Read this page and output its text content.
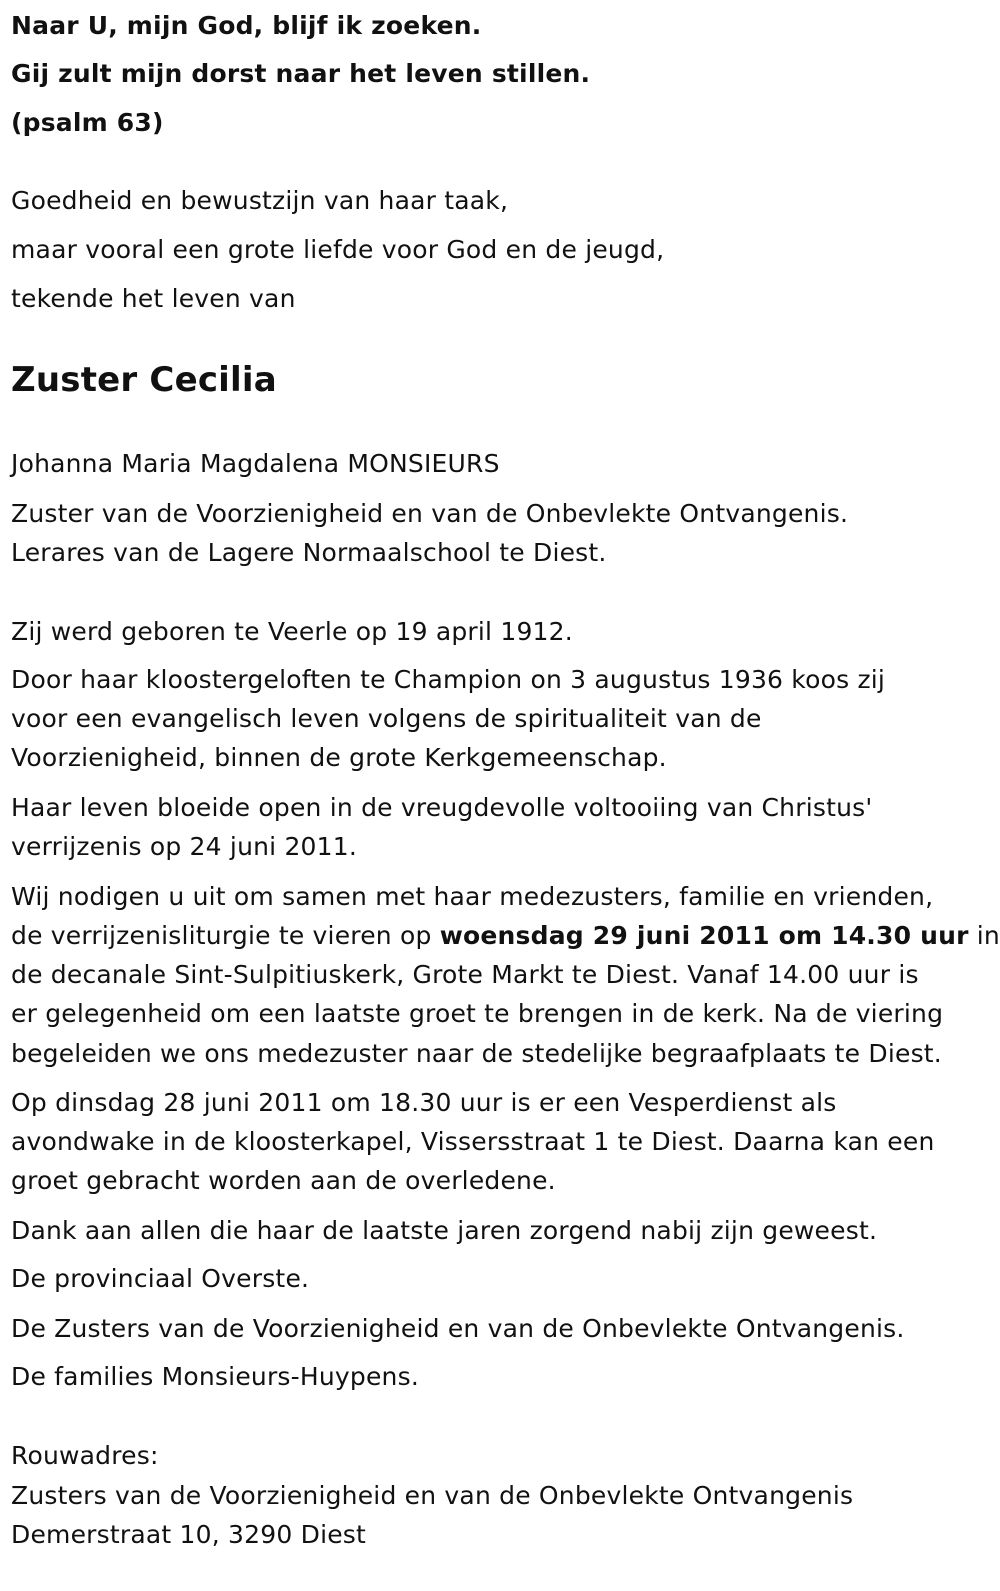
Naar U, mijn God, blijf ik zoeken.
Gij zult mijn dorst naar het leven stillen.
(psalm 63)
Goedheid en bewustzijn van haar taak,
maar vooral een grote liefde voor God en de jeugd,
tekende het leven van
Zuster Cecilia
Johanna Maria Magdalena MONSIEURS
Zuster van de Voorzienigheid en van de Onbevlekte Ontvangenis.
Lerares van de Lagere Normaalschool te Diest.
Zij werd geboren te Veerle op 19 april 1912.
Door haar kloostergeloften te Champion on 3 augustus 1936 koos zij
voor een evangelisch leven volgens de spiritualiteit van de
Voorzienigheid, binnen de grote Kerkgemeenschap.
Haar leven bloeide open in de vreugdevolle voltooiing van Christus'
verrijzenis op 24 juni 2011.
Wij nodigen u uit om samen met haar medezusters, familie en vrienden,
de verrijzenisliturgie te vieren op woensdag 29 juni 2011 om 14.30 uur in
de decanale Sint-Sulpitiuskerk, Grote Markt te Diest. Vanaf 14.00 uur is
er gelegenheid om een laatste groet te brengen in de kerk. Na de viering
begeleiden we ons medezuster naar de stedelijke begraafplaats te Diest.
Op dinsdag 28 juni 2011 om 18.30 uur is er een Vesperdienst als
avondwake in de kloosterkapel, Vissersstraat 1 te Diest. Daarna kan een
groet gebracht worden aan de overledene.
Dank aan allen die haar de laatste jaren zorgend nabij zijn geweest.
De provinciaal Overste.
De Zusters van de Voorzienigheid en van de Onbevlekte Ontvangenis.
De families Monsieurs-Huypens.
Rouwadres:
Zusters van de Voorzienigheid en van de Onbevlekte Ontvangenis
Demerstraat 10, 3290 Diest
